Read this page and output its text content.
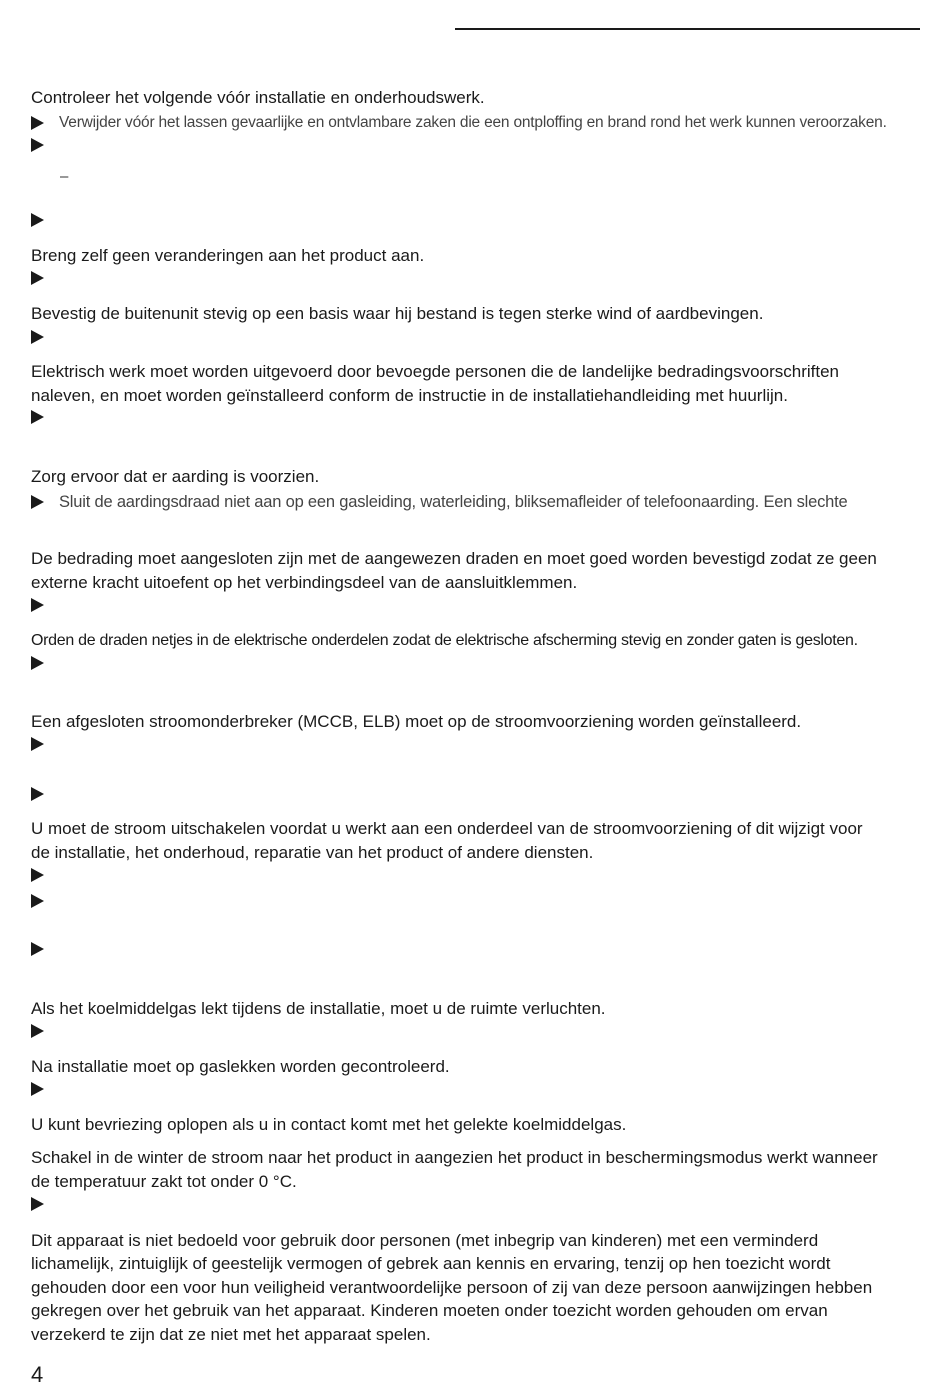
Controleer het volgende vóór installatie en onderhoudswerk.
Verwijder vóór het lassen gevaarlijke en ontvlambare zaken die een ontploffing en brand rond het werk kunnen veroorzaken.
–
Breng zelf geen veranderingen aan het product aan.
Bevestig de buitenunit stevig op een basis waar hij bestand is tegen sterke wind of aardbevingen.
Elektrisch werk moet worden uitgevoerd door bevoegde personen die de landelijke bedradingsvoorschriften
naleven, en moet worden geïnstalleerd conform de instructie in de installatiehandleiding met huurlijn.
Zorg ervoor dat er aarding is voorzien.
Sluit de aardingsdraad niet aan op een gasleiding, waterleiding, bliksemafleider of telefoonaarding. Een slechte
De bedrading moet aangesloten zijn met de aangewezen draden en moet goed worden bevestigd zodat ze geen
externe kracht uitoefent op het verbindingsdeel van de aansluitklemmen.
Orden de draden netjes in de elektrische onderdelen zodat de elektrische afscherming stevig en zonder gaten is gesloten.
Een afgesloten stroomonderbreker (MCCB, ELB) moet op de stroomvoorziening worden geïnstalleerd.
U moet de stroom uitschakelen voordat u werkt aan een onderdeel van de stroomvoorziening of dit wijzigt voor
de installatie, het onderhoud, reparatie van het product of andere diensten.
Als het koelmiddelgas lekt tijdens de installatie, moet u de ruimte verluchten.
Na installatie moet op gaslekken worden gecontroleerd.
U kunt bevriezing oplopen als u in contact komt met het gelekte koelmiddelgas.
Schakel in de winter de stroom naar het product in aangezien het product in beschermingsmodus werkt wanneer
de temperatuur zakt tot onder 0 °C.
Dit apparaat is niet bedoeld voor gebruik door personen (met inbegrip van kinderen) met een verminderd
lichamelijk, zintuiglijk of geestelijk vermogen of gebrek aan kennis en ervaring, tenzij op hen toezicht wordt
gehouden door een voor hun veiligheid verantwoordelijke persoon of zij van deze persoon aanwijzingen hebben
gekregen over het gebruik van het apparaat. Kinderen moeten onder toezicht worden gehouden om ervan
verzekerd te zijn dat ze niet met het apparaat spelen.
4
